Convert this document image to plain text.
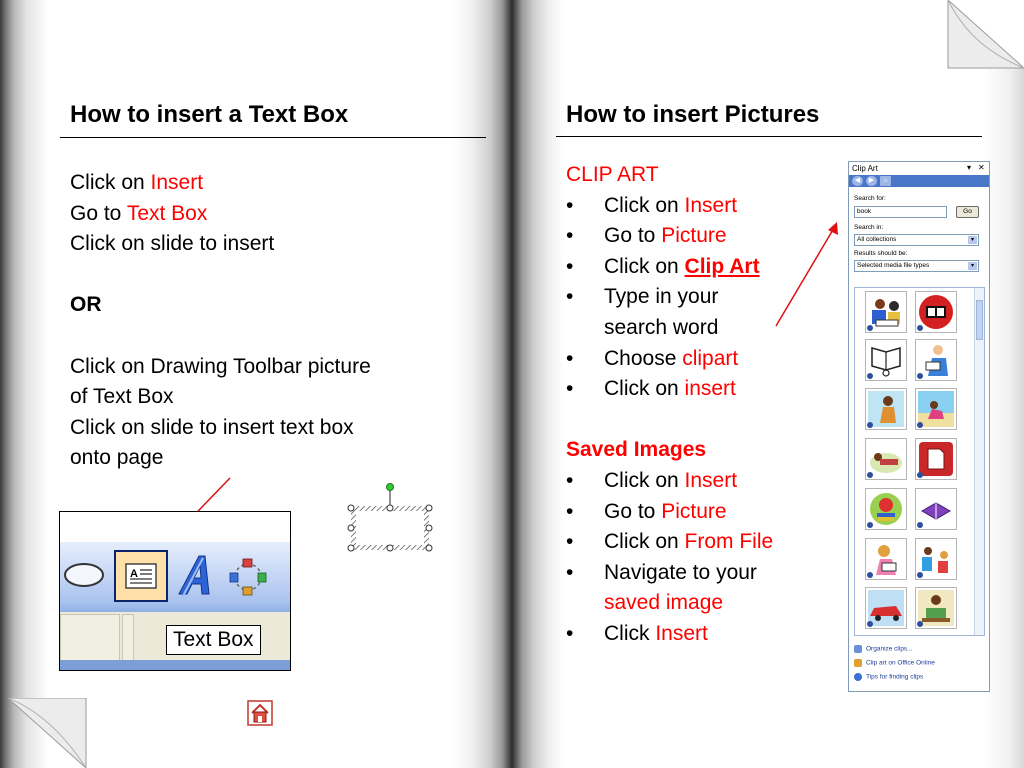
How to insert a Text Box
Click on Insert
Go to Text Box
Click on slide to insert
OR
Click on Drawing Toolbar picture
of Text Box
Click on slide to insert text box
onto page
A
Text Box
How to insert Pictures
CLIP ART
• Click on Insert
• Go to Picture
• Click on Clip Art
• Type in your
search word
• Choose clipart
• Click on insert
Saved Images
• Click on Insert
• Go to Picture
• Click on From File
• Navigate to your
saved image
• Click Insert
Clip Art	▾ ✕
◀	▶	⌂
Search for:
book	Go
Search in:
All collections	▾
Results should be:
Selected media file types	▾
Organize clips...
Clip art on Office Online
Tips for finding clips
